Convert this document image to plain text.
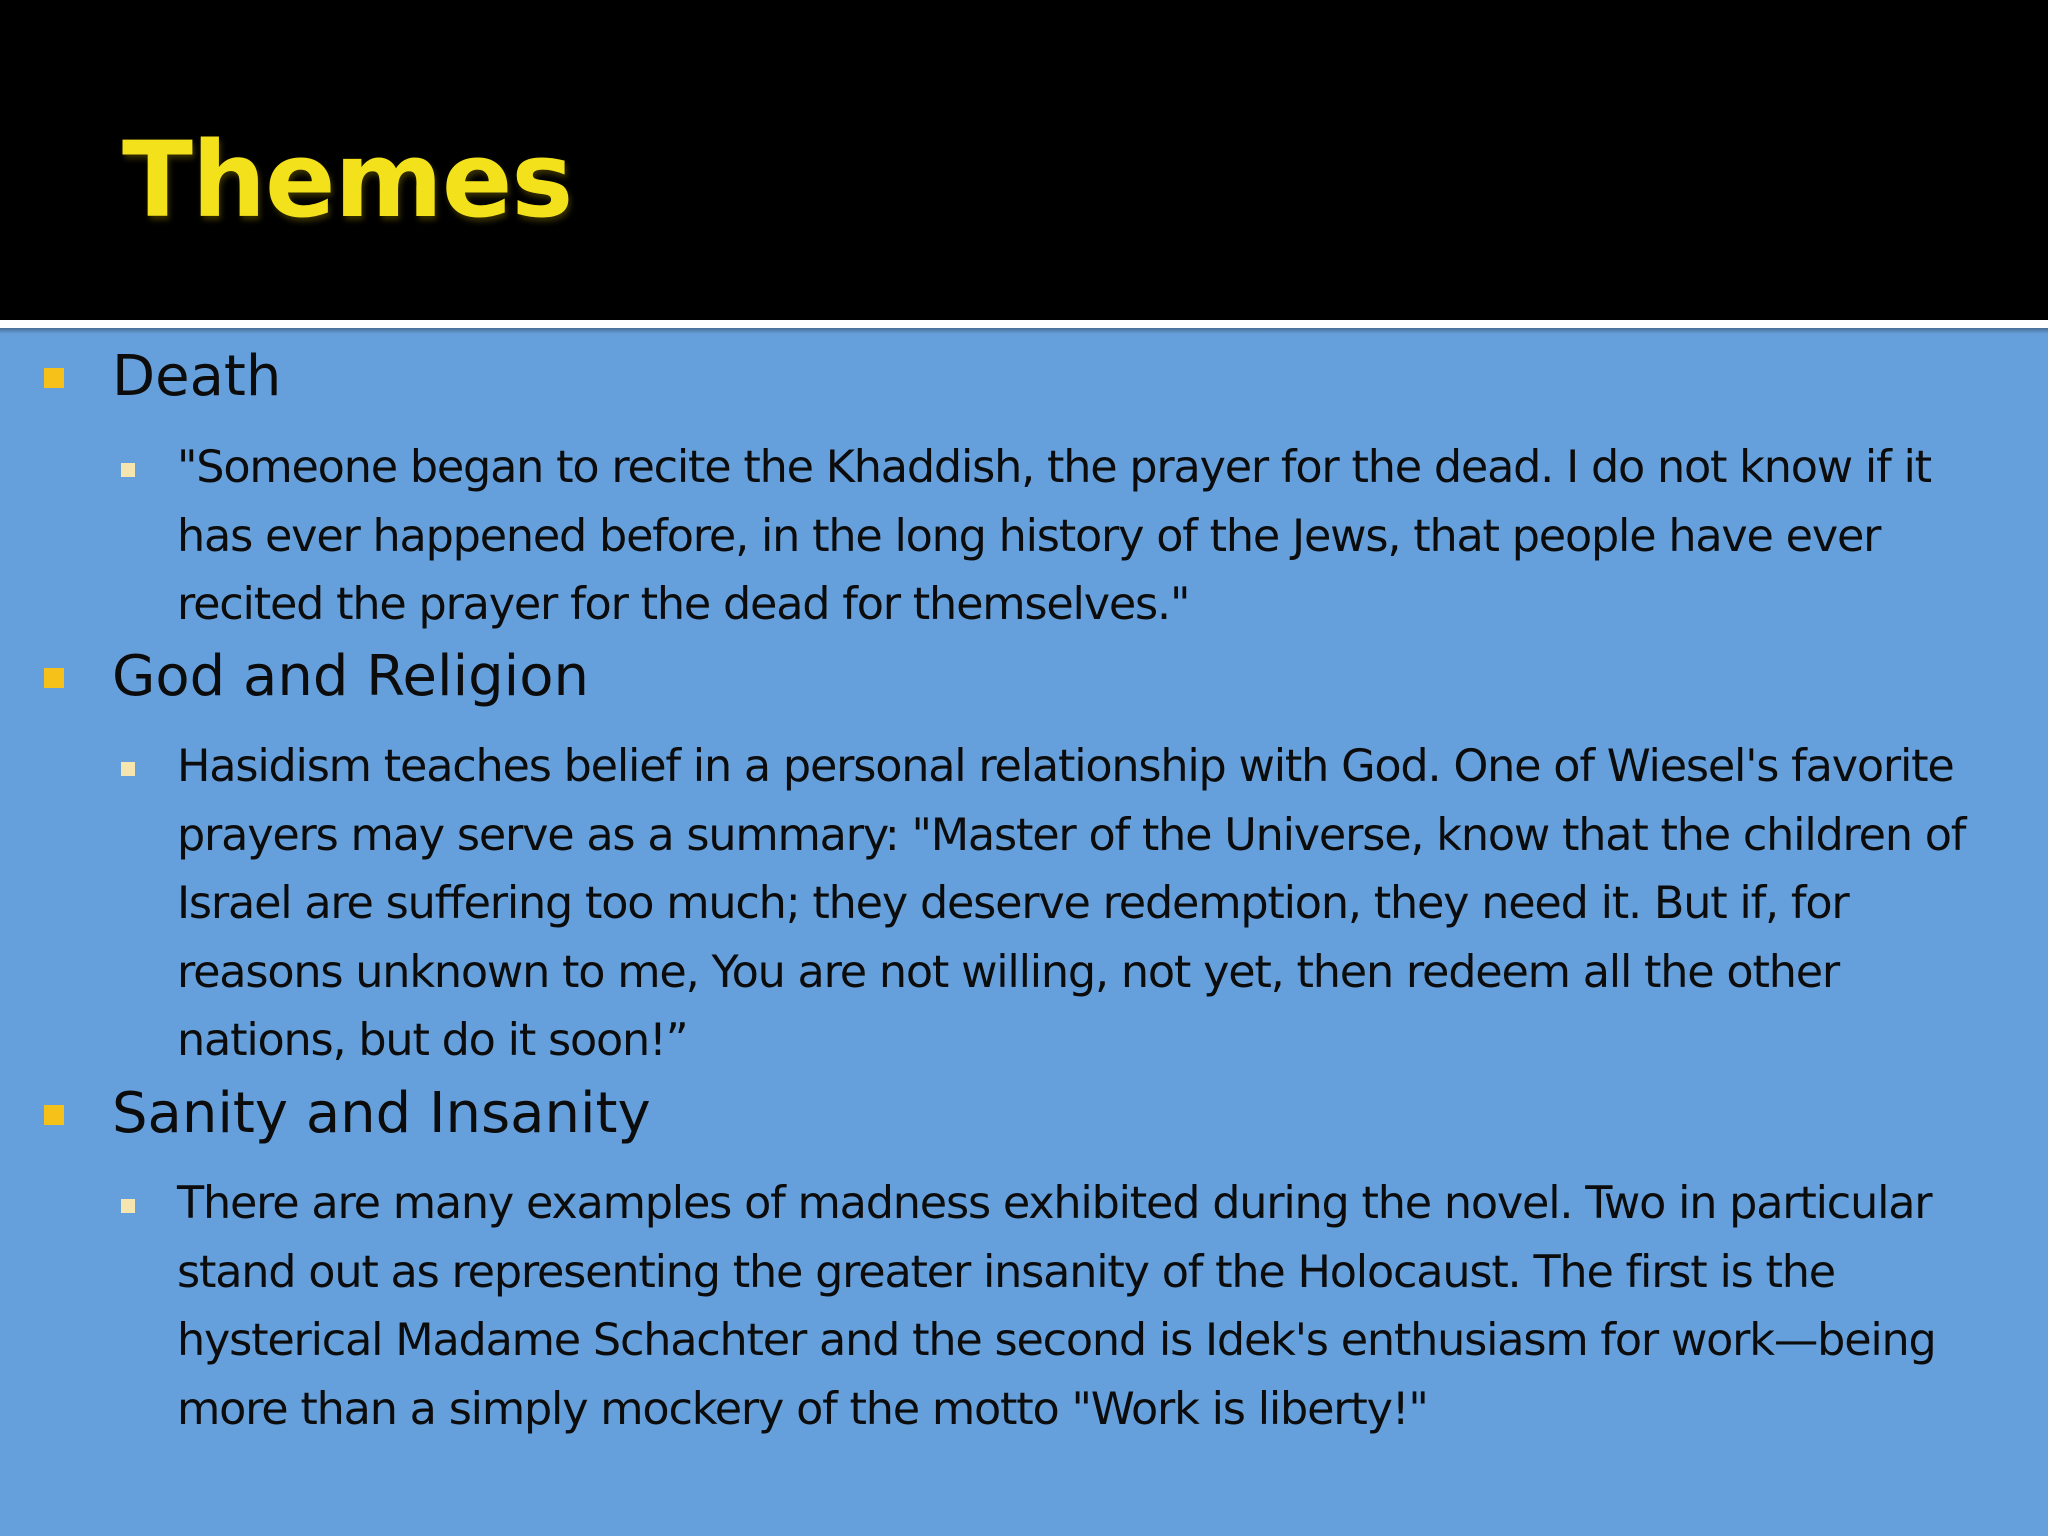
Themes
Death
"Someone began to recite the Khaddish, the prayer for the dead. I do not know if it has ever happened before, in the long history of the Jews, that people have ever recited the prayer for the dead for themselves."
God and Religion
Hasidism teaches belief in a personal relationship with God. One of Wiesel's favorite prayers may serve as a summary: "Master of the Universe, know that the children of Israel are suffering too much; they deserve redemption, they need it. But if, for reasons unknown to me, You are not willing, not yet, then redeem all the other nations, but do it soon!”
Sanity and Insanity
There are many examples of madness exhibited during the novel. Two in particular stand out as representing the greater insanity of the Holocaust. The first is the hysterical Madame Schachter and the second is Idek's enthusiasm for work—being more than a simply mockery of the motto "Work is liberty!"
